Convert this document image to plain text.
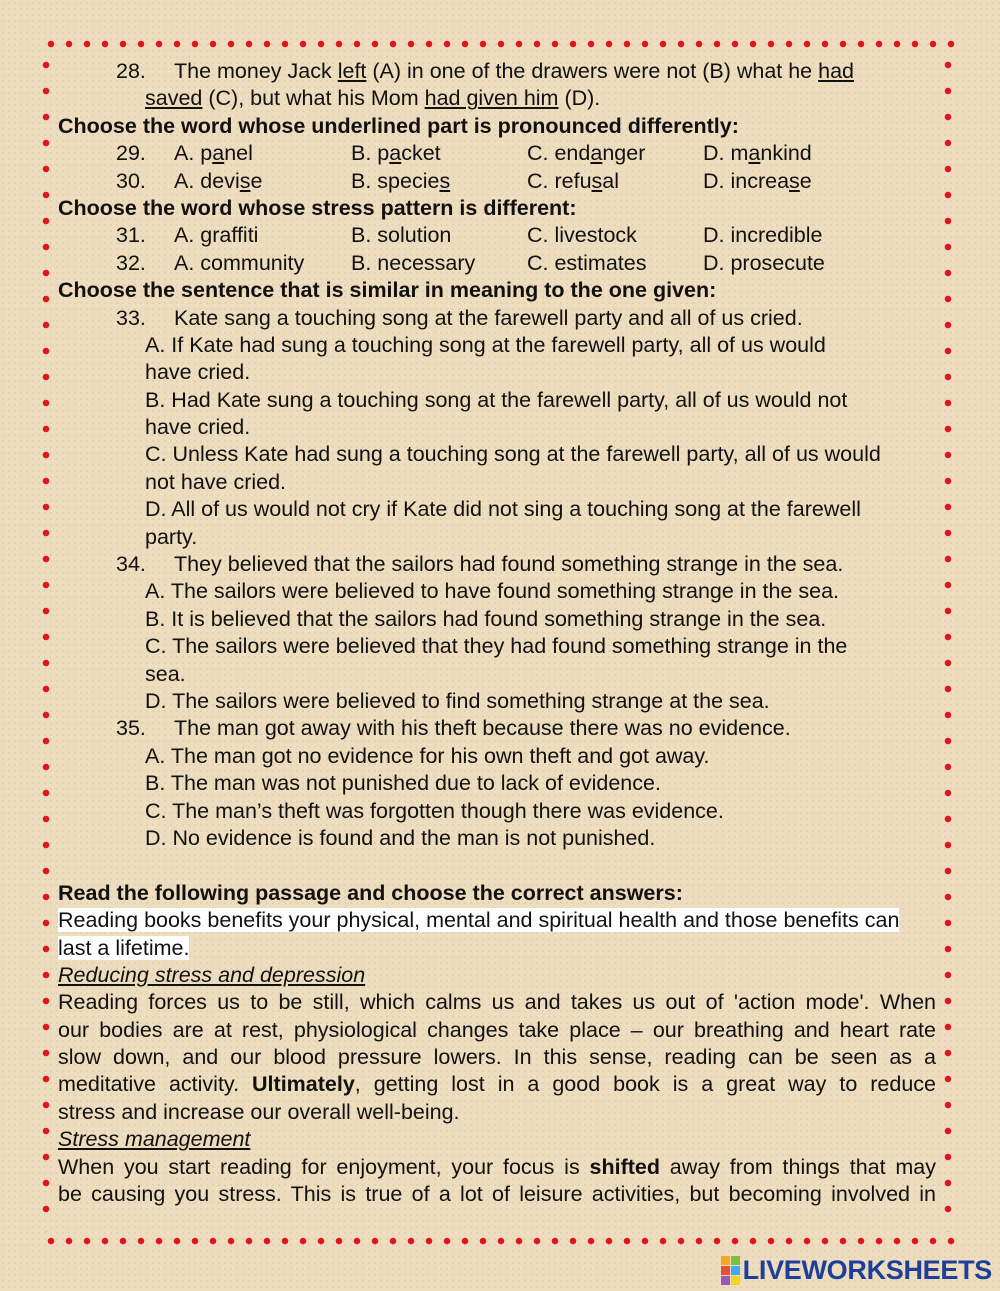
28. The money Jack left (A) in one of the drawers were not (B) what he had
saved (C), but what his Mom had given him (D).
Choose the word whose underlined part is pronounced differently:
29. A. panel	B. packet	C. endanger	D. mankind
30. A. devise	B. species	C. refusal	D. increase
Choose the word whose stress pattern is different:
31. A. graffiti	B. solution	C. livestock	D. incredible
32. A. community B. necessary C. estimates	D. prosecute
Choose the sentence that is similar in meaning to the one given:
33. Kate sang a touching song at the farewell party and all of us cried.
A. If Kate had sung a touching song at the farewell party, all of us would
have cried.
B. Had Kate sung a touching song at the farewell party, all of us would not
have cried.
C. Unless Kate had sung a touching song at the farewell party, all of us would
not have cried.
D. All of us would not cry if Kate did not sing a touching song at the farewell
party.
34. They believed that the sailors had found something strange in the sea.
A. The sailors were believed to have found something strange in the sea.
B. It is believed that the sailors had found something strange in the sea.
C. The sailors were believed that they had found something strange in the
sea.
D. The sailors were believed to find something strange at the sea.
35. The man got away with his theft because there was no evidence.
A. The man got no evidence for his own theft and got away.
B. The man was not punished due to lack of evidence.
C. The man’s theft was forgotten though there was evidence.
D. No evidence is found and the man is not punished.
Read the following passage and choose the correct answers:
Reading books benefits your physical, mental and spiritual health and those benefits can
last a lifetime.
Reducing stress and depression
Reading forces us to be still, which calms us and takes us out of 'action mode'. When
our bodies are at rest, physiological changes take place – our breathing and heart rate
slow down, and our blood pressure lowers. In this sense, reading can be seen as a
meditative activity. Ultimately, getting lost in a good book is a great way to reduce
stress and increase our overall well-being.
Stress management
When you start reading for enjoyment, your focus is shifted away from things that may
be causing you stress. This is true of a lot of leisure activities, but becoming involved in
LIVEWORKSHEETS
